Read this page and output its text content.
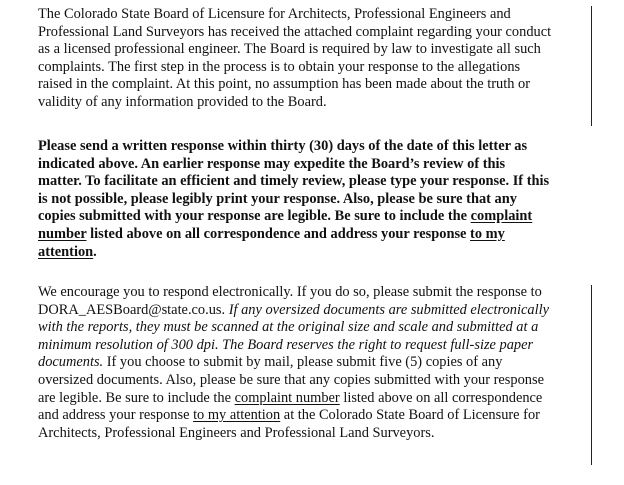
The Colorado State Board of Licensure for Architects, Professional Engineers and
Professional Land Surveyors has received the attached complaint regarding your conduct
as a licensed professional engineer. The Board is required by law to investigate all such
complaints. The first step in the process is to obtain your response to the allegations
raised in the complaint. At this point, no assumption has been made about the truth or
validity of any information provided to the Board.

Please send a written response within thirty (30) days of the date of this letter as
indicated above. An earlier response may expedite the Board’s review of this
matter. To facilitate an efficient and timely review, please type your response. If this
is not possible, please legibly print your response. Also, please be sure that any
copies submitted with your response are legible. Be sure to include the complaint
number listed above on all correspondence and address your response to my
attention.

We encourage you to respond electronically. If you do so, please submit the response to
DORA_AESBoard@state.co.us. If any oversized documents are submitted electronically
with the reports, they must be scanned at the original size and scale and submitted at a
minimum resolution of 300 dpi. The Board reserves the right to request full-size paper
documents. If you choose to submit by mail, please submit five (5) copies of any
oversized documents. Also, please be sure that any copies submitted with your response
are legible. Be sure to include the complaint number listed above on all correspondence
and address your response to my attention at the Colorado State Board of Licensure for
Architects, Professional Engineers and Professional Land Surveyors.
